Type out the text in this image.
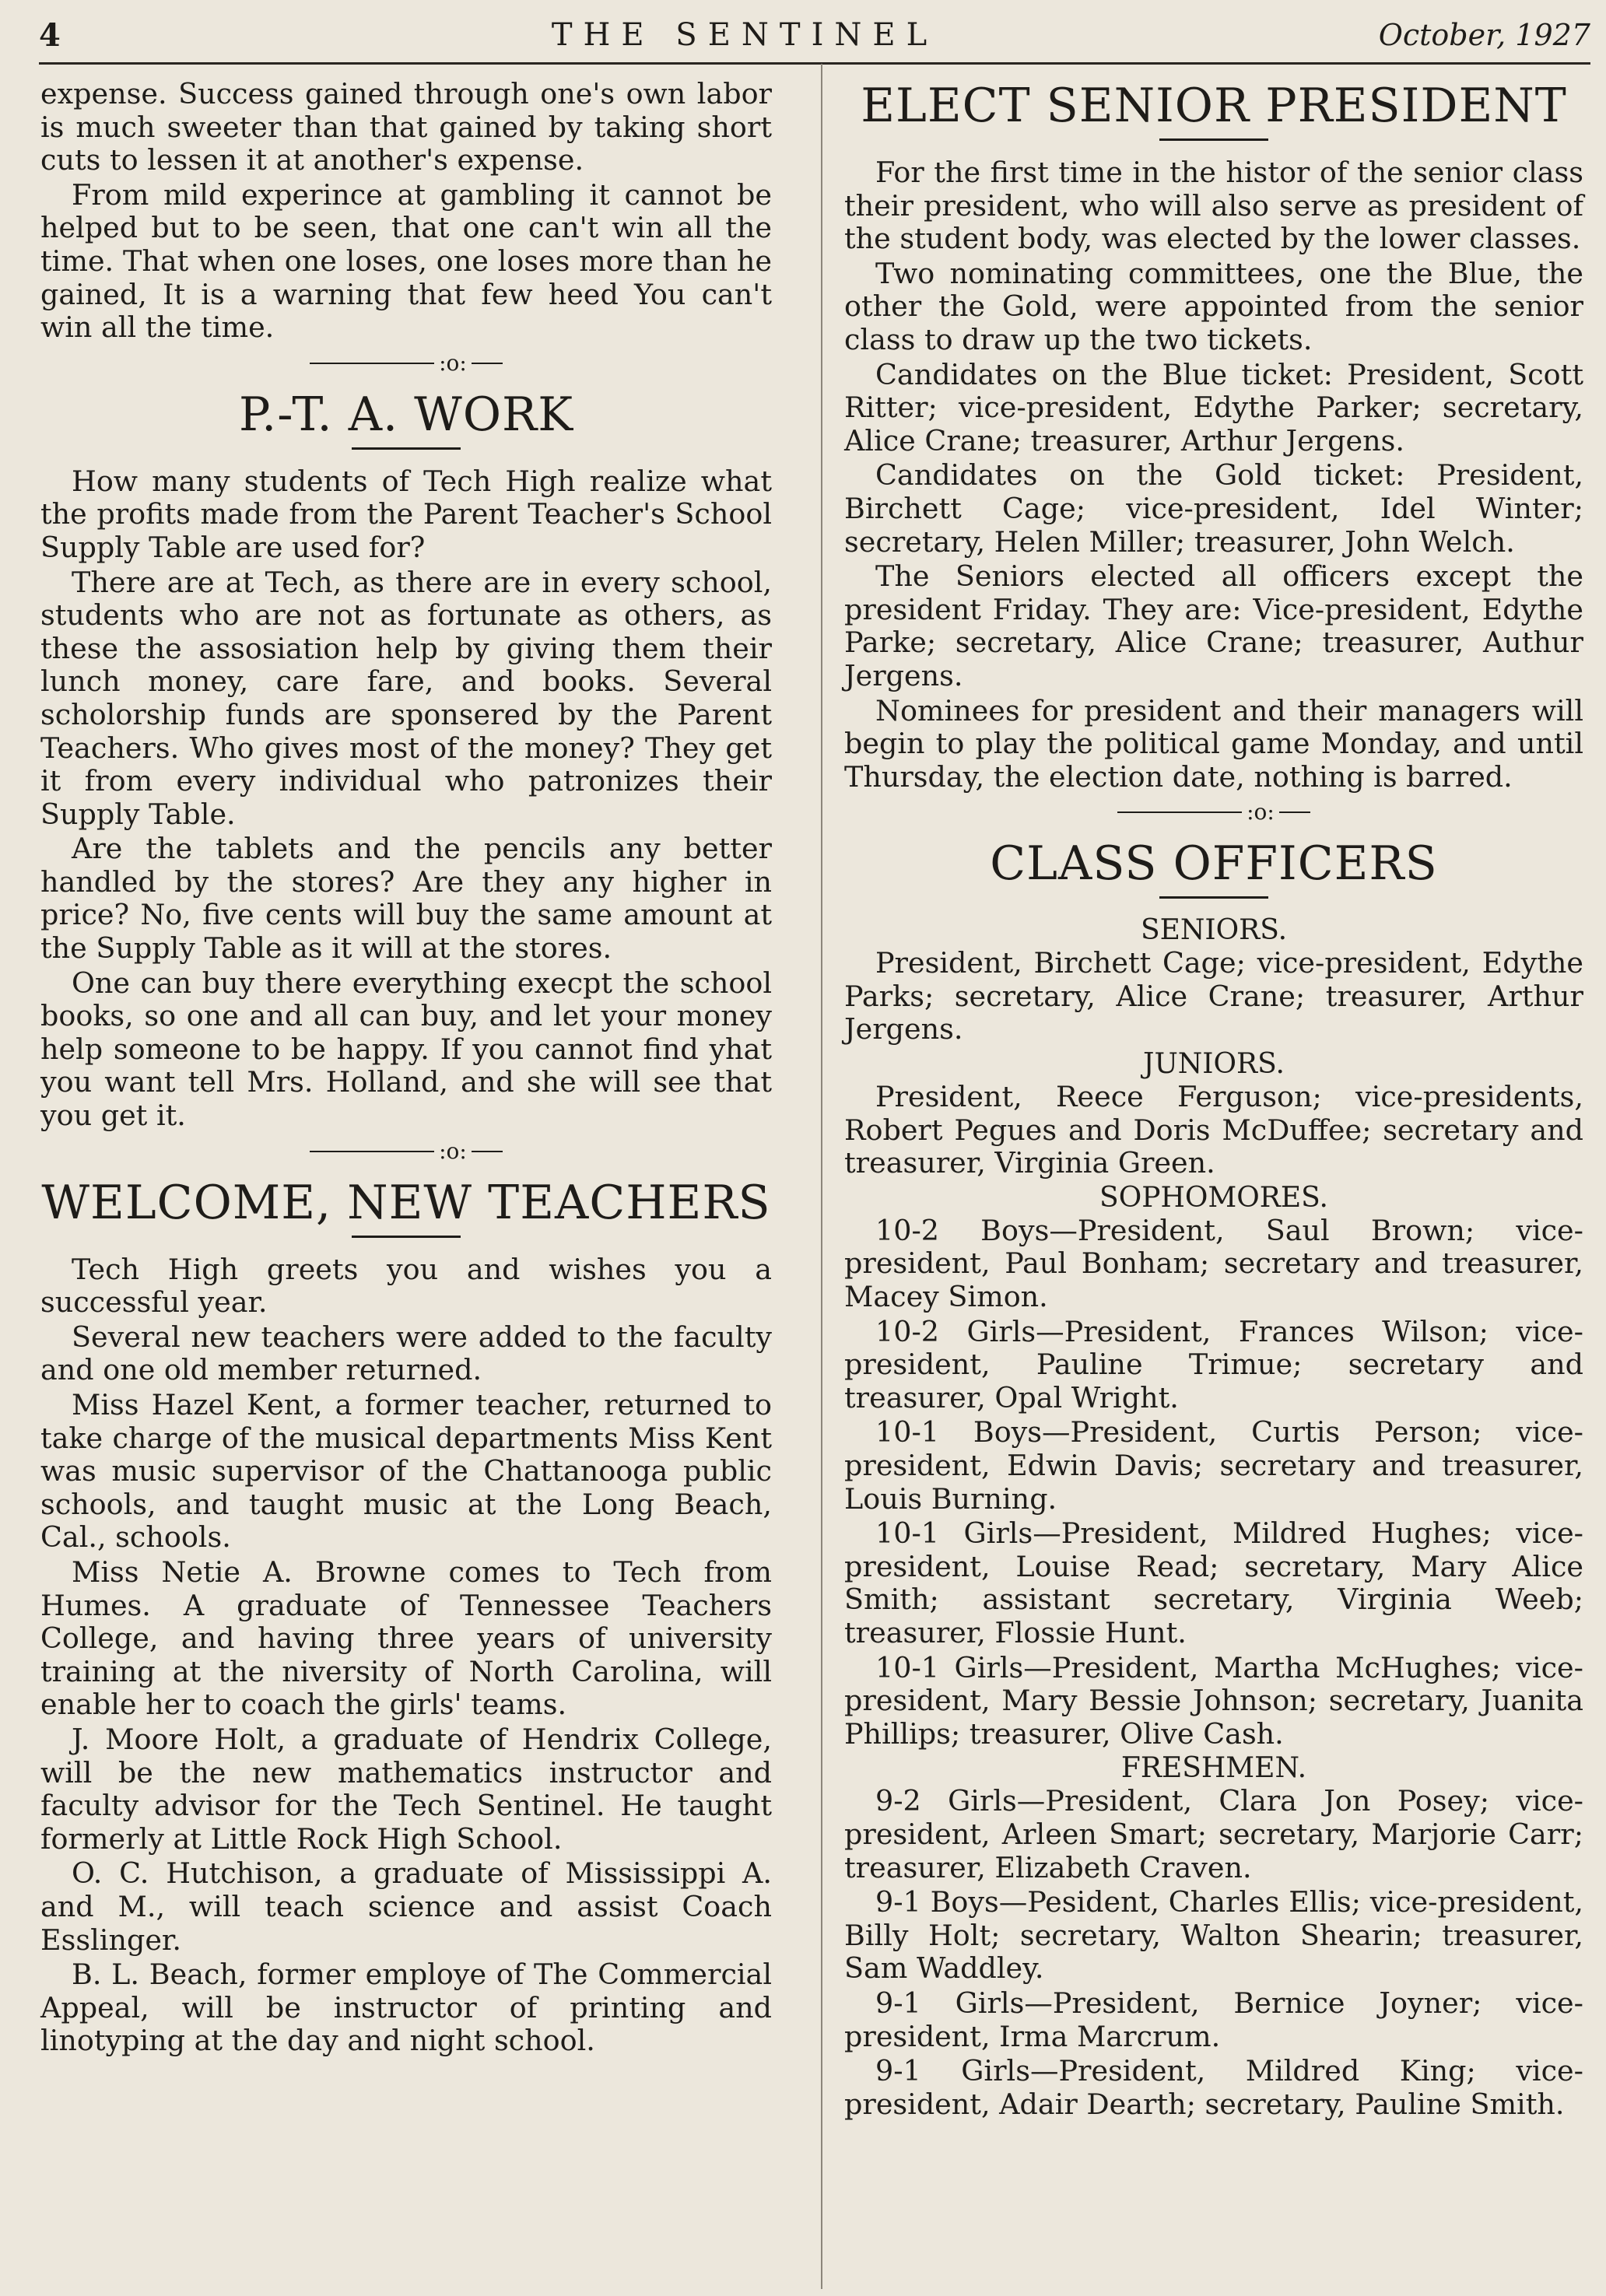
4	THE SENTINEL	October, 1927

expense. Success gained through one's own labor is much sweeter than that gained by taking short cuts to lessen it at another's expense.

From mild experince at gambling it cannot be helped but to be seen, that one can't win all the time. That when one loses, one loses more than he gained, It is a warning that few heed You can't win all the time.

:o:
P.-T. A. WORK

How many students of Tech High realize what the profits made from the Parent Teacher's School Supply Table are used for?

There are at Tech, as there are in every school, students who are not as fortunate as others, as these the assosiation help by giving them their lunch money, care fare, and books. Several scholorship funds are sponsered by the Parent Teachers. Who gives most of the money? They get it from every individual who patronizes their Supply Table.

Are the tablets and the pencils any better handled by the stores? Are they any higher in price? No, five cents will buy the same amount at the Supply Table as it will at the stores.

One can buy there everything execpt the school books, so one and all can buy, and let your money help someone to be happy. If you cannot find yhat you want tell Mrs. Holland, and she will see that you get it.

:o:
WELCOME, NEW TEACHERS

Tech High greets you and wishes you a successful year.

Several new teachers were added to the faculty and one old member returned.

Miss Hazel Kent, a former teacher, returned to take charge of the musical departments Miss Kent was music supervisor of the Chattanooga public schools, and taught music at the Long Beach, Cal., schools.

Miss Netie A. Browne comes to Tech from Humes. A graduate of Tennessee Teachers College, and having three years of university training at the niversity of North Carolina, will enable her to coach the girls' teams.

J. Moore Holt, a graduate of Hendrix College, will be the new mathematics instructor and faculty advisor for the Tech Sentinel. He taught formerly at Little Rock High School.

O. C. Hutchison, a graduate of Mississippi A. and M., will teach science and assist Coach Esslinger.

B. L. Beach, former employe of The Commercial Appeal, will be instructor of printing and linotyping at the day and night school.

ELECT SENIOR PRESIDENT

For the first time in the histor of the senior class their president, who will also serve as president of the student body, was elected by the lower classes.

Two nominating committees, one the Blue, the other the Gold, were appointed from the senior class to draw up the two tickets.

Candidates on the Blue ticket: President, Scott Ritter; vice-president, Edythe Parker; secretary, Alice Crane; treasurer, Arthur Jergens.

Candidates on the Gold ticket: President, Birchett Cage; vice-president, Idel Winter; secretary, Helen Miller; treasurer, John Welch.

The Seniors elected all officers except the president Friday. They are: Vice-president, Edythe Parke; secretary, Alice Crane; treasurer, Authur Jergens.

Nominees for president and their managers will begin to play the political game Monday, and until Thursday, the election date, nothing is barred.

:o:
CLASS OFFICERS
SENIORS.

President, Birchett Cage; vice-president, Edythe Parks; secretary, Alice Crane; treasurer, Arthur Jergens.

JUNIORS.

President, Reece Ferguson; vice-presidents, Robert Pegues and Doris McDuffee; secretary and treasurer, Virginia Green.

SOPHOMORES.

10-2 Boys—President, Saul Brown; vice-president, Paul Bonham; secretary and treasurer, Macey Simon.

10-2 Girls—President, Frances Wilson; vice-president, Pauline Trimue; secretary and treasurer, Opal Wright.

10-1 Boys—President, Curtis Person; vice-president, Edwin Davis; secretary and treasurer, Louis Burning.

10-1 Girls—President, Mildred Hughes; vice-president, Louise Read; secretary, Mary Alice Smith; assistant secretary, Virginia Weeb; treasurer, Flossie Hunt.

10-1 Girls—President, Martha McHughes; vice-president, Mary Bessie Johnson; secretary, Juanita Phillips; treasurer, Olive Cash.

FRESHMEN.

9-2 Girls—President, Clara Jon Posey; vice-president, Arleen Smart; secretary, Marjorie Carr; treasurer, Elizabeth Craven.

9-1 Boys—Pesident, Charles Ellis; vice-president, Billy Holt; secretary, Walton Shearin; treasurer, Sam Waddley.

9-1 Girls—President, Bernice Joyner; vice-president, Irma Marcrum.

9-1 Girls—President, Mildred King; vice-president, Adair Dearth; secretary, Pauline Smith.
